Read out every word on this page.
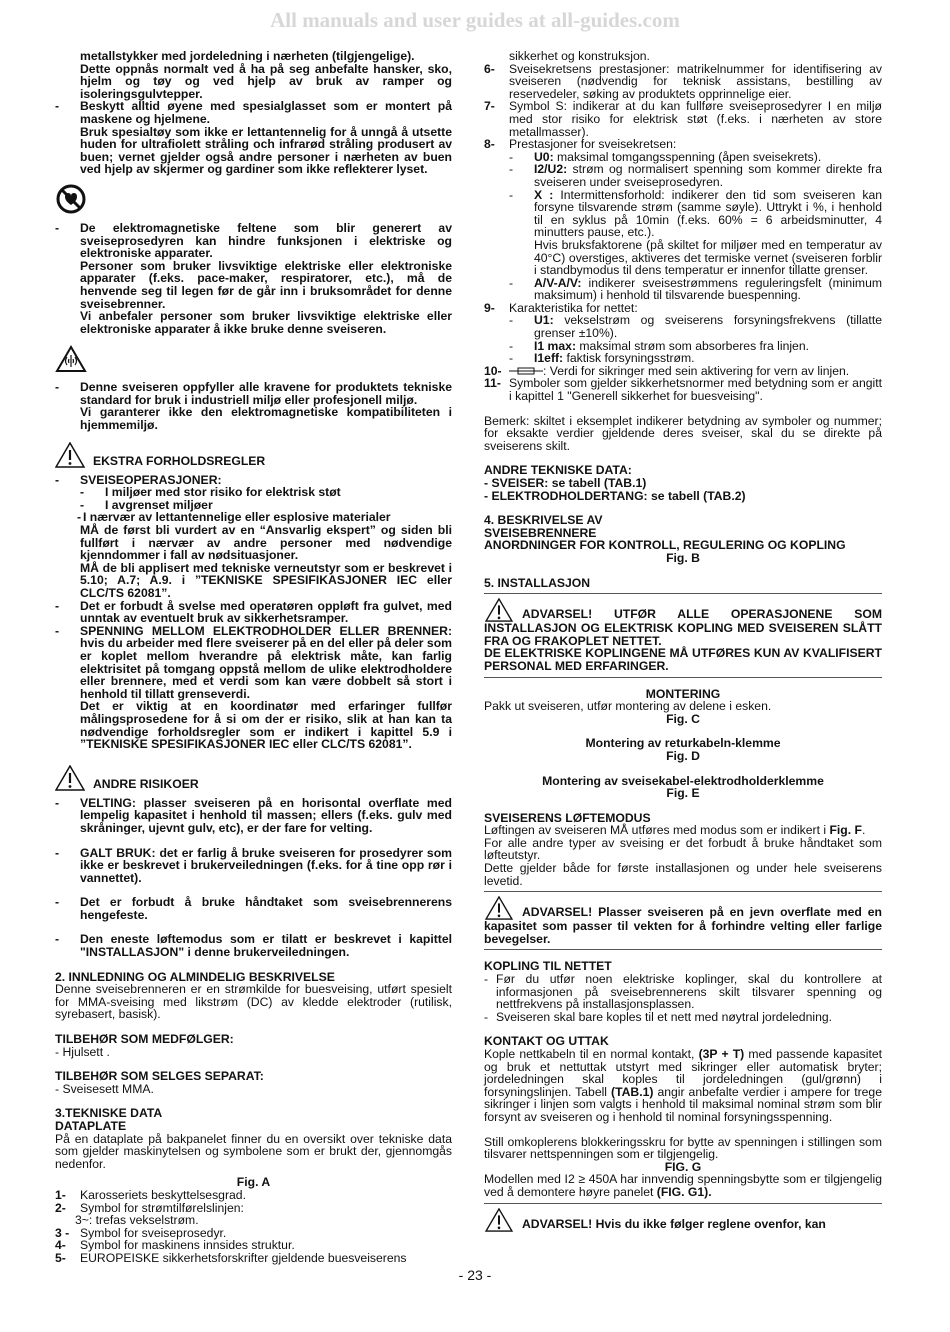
All manuals and user guides at all-guides.com

metallstykker med jordeledning i nærheten (tilgjengelige).

Dette oppnås normalt ved å ha på seg anbefalte hansker, sko, hjelm og tøy og ved hjelp av bruk av ramper og isoleringsgulvtepper.

- Beskytt alltid øyene med spesialglasset som er montert på maskene og hjelmene.

Bruk spesialtøy som ikke er lettantennelig for å unngå å utsette huden for ultrafiolett stråling och infrarød stråling produsert av buen; vernet gjelder også andre personer i nærheten av buen ved hjelp av skjermer og gardiner som ikke reflekterer lyset.

- De elektromagnetiske feltene som blir generert av sveiseprosedyren kan hindre funksjonen i elektriske og elektroniske apparater.

Personer som bruker livsviktige elektriske eller elektroniske apparater (f.eks. pace-maker, respiratorer, etc.), må de henvende seg til legen før de går inn i bruksområdet for denne sveisebrenner.

Vi anbefaler personer som bruker livsviktige elektriske eller elektroniske apparater å ikke bruke denne sveiseren.

- Denne sveiseren oppfyller alle kravene for produktets tekniske standard for bruk i industriell miljø eller profesjonell miljø.

Vi garanterer ikke den elektromagnetiske kompatibiliteten i hjemmemiljø.

EKSTRA FORHOLDSREGLER
- SVEISEOPERASJONER:

- I miljøer med stor risiko for elektrisk støt

- I avgrenset miljøer

- I nærvær av lettantennelige eller esplosive materialer

MÅ de først bli vurdert av en “Ansvarlig ekspert” og siden bli fullført i nærvær av andre personer med nødvendige kjenndommer i fall av nødsituasjoner.

MÅ de bli applisert med tekniske verneutstyr som er beskrevet i 5.10; A.7; A.9. i ”TEKNISKE SPESIFIKASJONER IEC eller CLC/TS 62081”.

- Det er forbudt å svelse med operatøren oppløft fra gulvet, med unntak av eventuelt bruk av sikkerhetsramper.

- SPENNING MELLOM ELEKTRODHOLDER ELLER BRENNER: hvis du arbeider med flere sveiserer på en del eller på deler som er koplet mellom hverandre på elektrisk måte, kan farlig elektrisitet på tomgang oppstå mellom de ulike elektrodholdere eller brennere, med et verdi som kan være dobbelt så stort i henhold til tillatt grenseverdi.

Det er viktig at en koordinatør med erfaringer fullfør målingsprosedene for å si om der er risiko, slik at han kan ta nødvendige forholdsregler som er indikert i kapittel 5.9 i ”TEKNISKE SPESIFIKASJONER IEC eller CLC/TS 62081”.

ANDRE RISIKOER
- VELTING: plasser sveiseren på en horisontal overflate med lempelig kapasitet i henhold til massen; ellers (f.eks. gulv med skråninger, ujevnt gulv, etc), er der fare for velting.

- GALT BRUK: det er farlig å bruke sveiseren for prosedyrer som ikke er beskrevet i brukerveiledningen (f.eks. for å tine opp rør i vannettet).

- Det er forbudt å bruke håndtaket som sveisebrennerens hengefeste.

- Den eneste løftemodus som er tilatt er beskrevet i kapittel "INSTALLASJON" i denne brukerveiledningen.

2. INNLEDNING OG ALMINDELIG BESKRIVELSE

Denne sveisebrenneren er en strømkilde for buesveising, utført spesielt for MMA-sveising med likstrøm (DC) av kledde elektroder (rutilisk, syrebasert, basisk).

TILBEHØR SOM MEDFØLGER:

- Hjulsett .

TILBEHØR SOM SELGES SEPARAT:

- Sveisesett MMA.

3.TEKNISKE DATA

DATAPLATE

På en dataplate på bakpanelet finner du en oversikt over tekniske data som gjelder maskinytelsen og symbolene som er brukt der, gjennomgås nedenfor.

Fig. A

1- Karosseriets beskyttelsesgrad.

2- Symbol for strømtilførelslinjen:

3~: trefas vekselstrøm.

3 - Symbol for sveiseprosedyr.

4- Symbol for maskinens innsides struktur.

5- EUROPEISKE sikkerhetsforskrifter gjeldende buesveiserens

sikkerhet og konstruksjon.

6- Sveisekretsens prestasjoner: matrikelnummer for identifisering av sveiseren (nødvendig for teknisk assistans, bestilling av reservedeler, søking av produktets opprinnelige eier.

7- Symbol S: indikerar at du kan fullføre sveiseprosedyrer I en miljø med stor risiko for elektrisk støt (f.eks. i nærheten av store metallmasser).

8- Prestasjoner for sveisekretsen:

- U0: maksimal tomgangsspenning (åpen sveisekrets).

- I2/U2: strøm og normalisert spenning som kommer direkte fra sveiseren under sveiseprosedyren.

- X : Intermittensforhold: indikerer den tid som sveiseren kan forsyne tilsvarende strøm (samme søyle). Uttrykt i %, i henhold til en syklus på 10min (f.eks. 60% = 6 arbeidsminutter, 4 minutters pause, etc.).

Hvis bruksfaktorene (på skiltet for miljøer med en temperatur av 40°C) overstiges, aktiveres det termiske vernet (sveiseren forblir i standbymodus til dens temperatur er innenfor tillatte grenser.

- A/V-A/V: indikerer sveisestrømmens reguleringsfelt (minimum maksimum) i henhold til tilsvarende buespenning.

9- Karakteristika for nettet:

- U1: vekselstrøm og sveiserens forsyningsfrekvens (tillatte grenser ±10%).

- I1 max: maksimal strøm som absorberes fra linjen.

- I1eff: faktisk forsyningsstrøm.

10-	: Verdi for sikringer med sein aktivering for vern av linjen.

11- Symboler som gjelder sikkerhetsnormer med betydning som er angitt i kapittel 1 "Generell sikkerhet for buesveising".

Bemerk: skiltet i eksemplet indikerer betydning av symboler og nummer; for eksakte verdier gjeldende deres sveiser, skal du se direkte på sveiserens skilt.

ANDRE TEKNISKE DATA:

- SVEISER: se tabell (TAB.1)

- ELEKTRODHOLDERTANG: se tabell (TAB.2)

4. BESKRIVELSE AV

SVEISEBRENNERE

ANORDNINGER FOR KONTROLL, REGULERING OG KOPLING

Fig. B

5. INSTALLASJON

ADVARSEL! UTFØR ALLE OPERASJONENE SOM INSTALLASJON OG ELEKTRISK KOPLING MED SVEISEREN SLÅTT FRA OG FRAKOPLET NETTET.

DE ELEKTRISKE KOPLINGENE MÅ UTFØRES KUN AV KVALIFISERT PERSONAL MED ERFARINGER.

MONTERING

Pakk ut sveiseren, utfør montering av delene i esken.

Fig. C

Montering av returkabeln-klemme

Fig. D

Montering av sveisekabel-elektrodholderklemme

Fig. E

SVEISERENS LØFTEMODUS

Løftingen av sveiseren MÅ utføres med modus som er indikert i Fig. F.

For alle andre typer av sveising er det forbudt å bruke håndtaket som løfteutstyr.

Dette gjelder både for første installasjonen og under hele sveiserens levetid.

ADVARSEL! Plasser sveiseren på en jevn overflate med en kapasitet som passer til vekten for å forhindre velting eller farlige bevegelser.

KOPLING TIL NETTET

- Før du utfør noen elektriske koplinger, skal du kontrollere at informasjonen på sveisebrennerens skilt tilsvarer spenning og nettfrekvens på installasjonsplassen.

- Sveiseren skal bare koples til et nett med nøytral jordeledning.

KONTAKT OG UTTAK

Kople nettkabeln til en normal kontakt, (3P + T) med passende kapasitet og bruk et nettuttak utstyrt med sikringer eller automatisk bryter; jordeledningen skal koples til jordeledningen (gul/grønn) i forsyningslinjen. Tabell (TAB.1) angir anbefalte verdier i ampere for trege sikringer i linjen som valgts i henhold til maksimal nominal strøm som blir forsynt av sveiseren og i henhold til nominal forsyningsspenning.

Still omkoplerens blokkeringsskru for bytte av spenningen i stillingen som tilsvarer nettspenningen som er tilgjengelig.

FIG. G

Modellen med I2 ≥ 450A har innvendig spenningsbytte som er tilgjengelig ved å demontere høyre panelet (FIG. G1).

ADVARSEL! Hvis du ikke følger reglene ovenfor, kan

- 23 -
